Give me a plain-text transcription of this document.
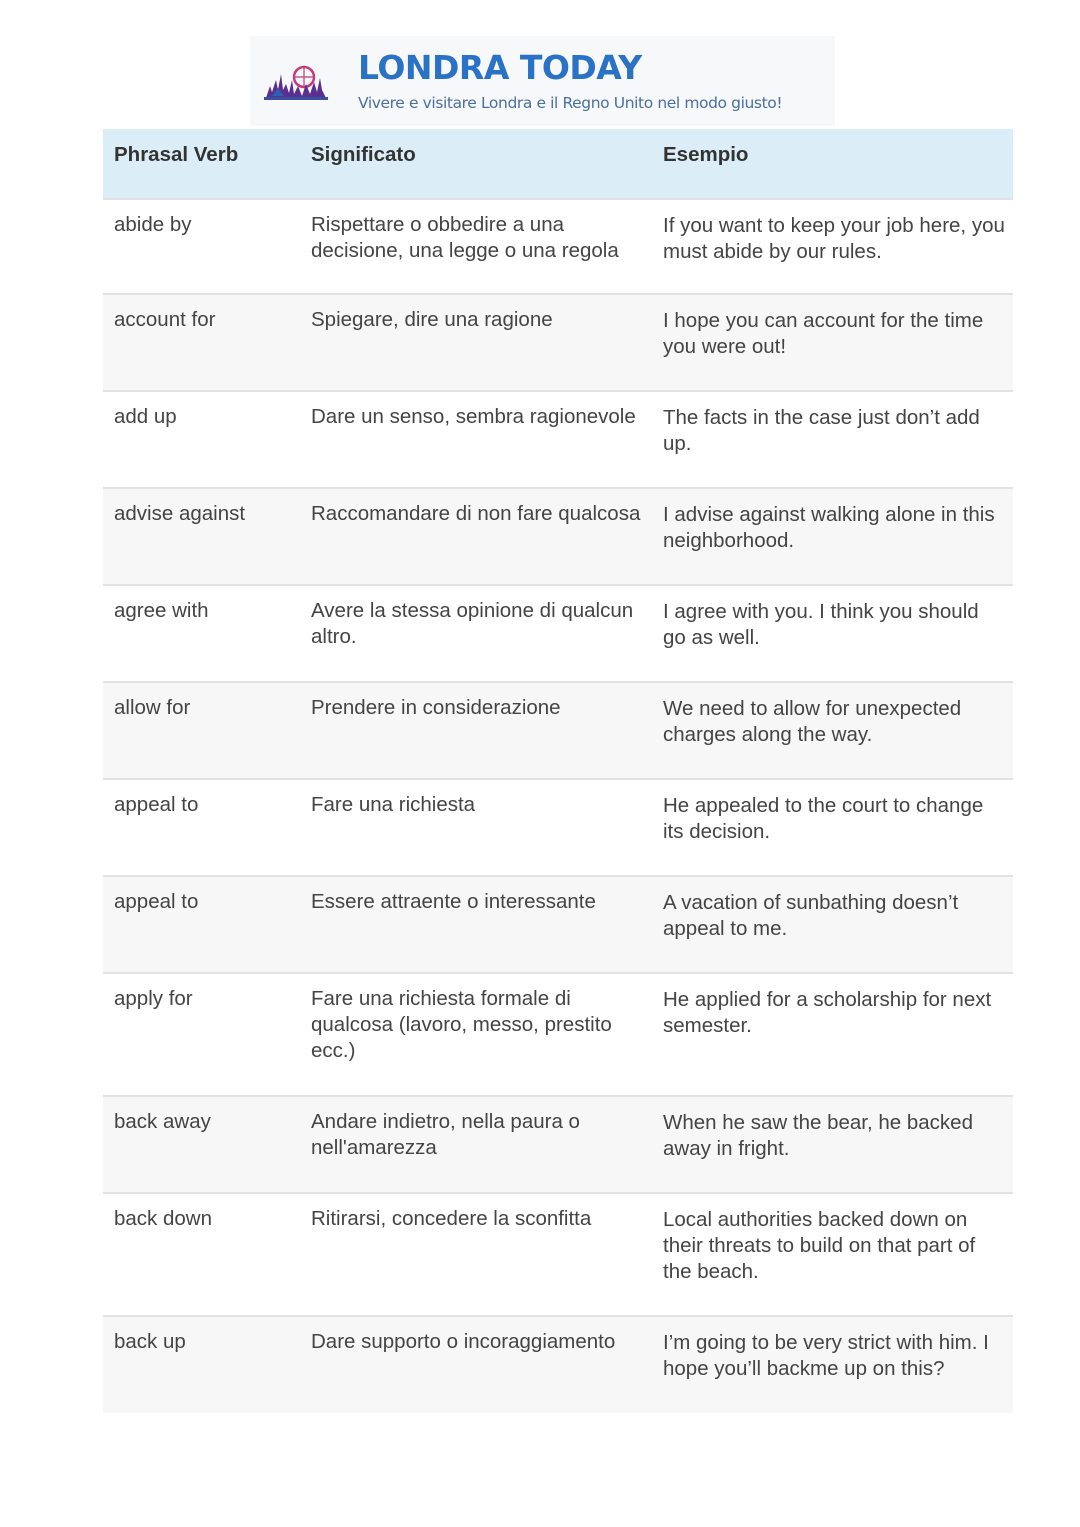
LONDRA TODAY
Vivere e visitare Londra e il Regno Unito nel modo giusto!
Phrasal Verb	Significato	Esempio
abide by	Rispettare o obbedire a una decisione, una legge o una regola	If you want to keep your job here, you must abide by our rules.
account for	Spiegare, dire una ragione	I hope you can account for the time you were out!
add up	Dare un senso, sembra ragionevole	The facts in the case just don’t add up.
advise against	Raccomandare di non fare qualcosa	I advise against walking alone in this neighborhood.
agree with	Avere la stessa opinione di qualcun altro.	I agree with you. I think you should go as well.
allow for	Prendere in considerazione	We need to allow for unexpected charges along the way.
appeal to	Fare una richiesta	He appealed to the court to change its decision.
appeal to	Essere attraente o interessante	A vacation of sunbathing doesn’t appeal to me.
apply for	Fare una richiesta formale di qualcosa (lavoro, messo, prestito ecc.)	He applied for a scholarship for next semester.
back away	Andare indietro, nella paura o nell'amarezza	When he saw the bear, he backed away in fright.
back down	Ritirarsi, concedere la sconfitta	Local authorities backed down on their threats to build on that part of the beach.
back up	Dare supporto o incoraggiamento	I’m going to be very strict with him. I hope you’ll backme up on this?
